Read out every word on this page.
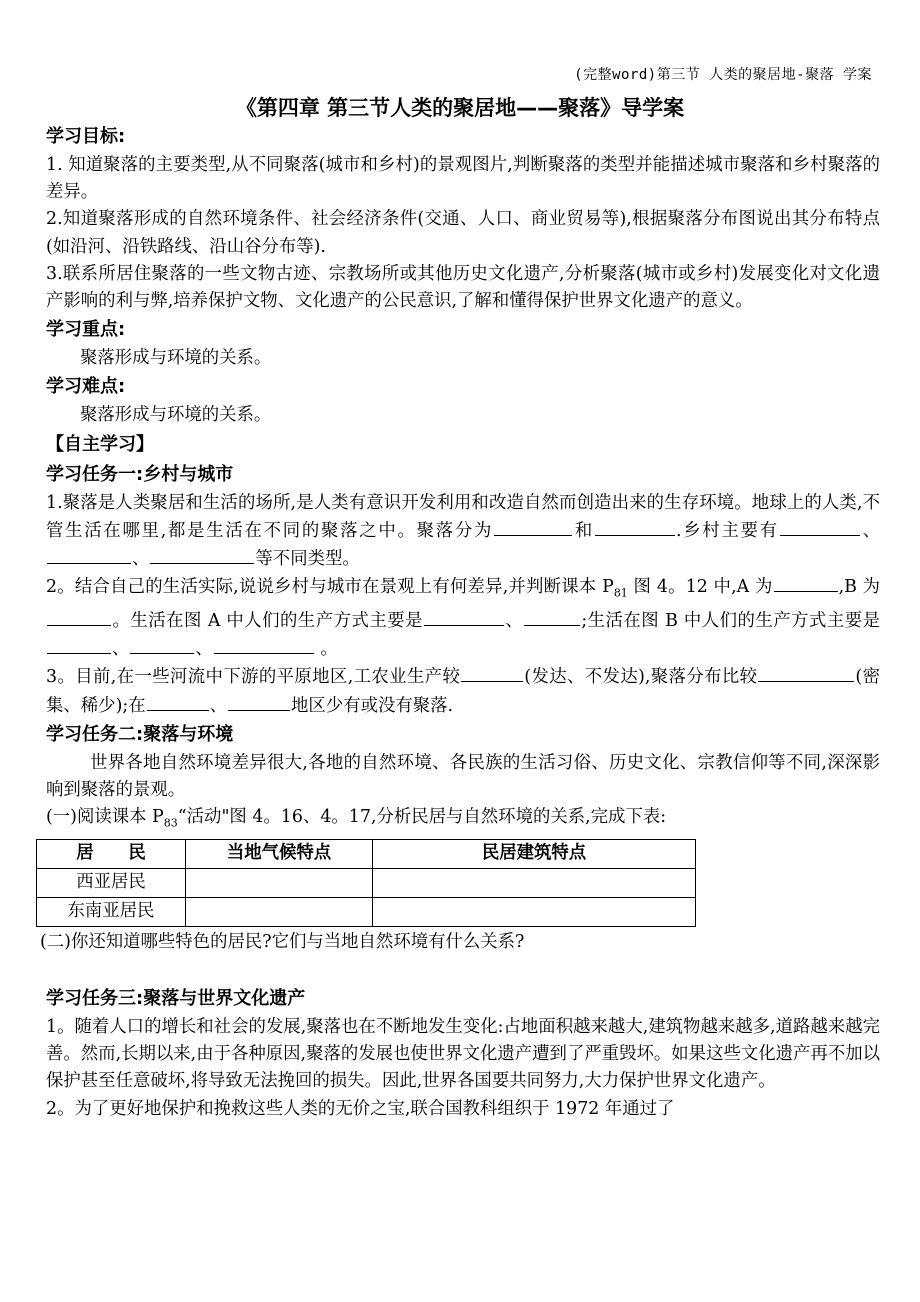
(完整word)第三节 人类的聚居地-聚落 学案
《第四章 第三节人类的聚居地——聚落》导学案
学习目标:

1. 知道聚落的主要类型,从不同聚落(城市和乡村)的景观图片,判断聚落的类型并能描述城市聚落和乡村聚落的差异。

2.知道聚落形成的自然环境条件、社会经济条件(交通、人口、商业贸易等),根据聚落分布图说出其分布特点(如沿河、沿铁路线、沿山谷分布等).

3.联系所居住聚落的一些文物古迹、宗教场所或其他历史文化遗产,分析聚落(城市或乡村)发展变化对文化遗产影响的利与弊,培养保护文物、文化遗产的公民意识,了解和懂得保护世界文化遗产的意义。

学习重点:

聚落形成与环境的关系。

学习难点:

聚落形成与环境的关系。

【自主学习】
学习任务一:乡村与城市

1.聚落是人类聚居和生活的场所,是人类有意识开发利用和改造自然而创造出来的生存环境。地球上的人类,不管生活在哪里,都是生活在不同的聚落之中。聚落分为	和	.乡村主要有	、、	等不同类型。

2。结合自己的生活实际,说说乡村与城市在景观上有何差异,并判断课本 $P_{81}$ 图 4。12 中,A 为	,B 为。生活在图 A 中人们的生产方式主要是	、	;生活在图 B 中人们的生产方式主要是、	、	。

3。目前,在一些河流中下游的平原地区,工农业生产较	(发达、不发达),聚落分布比较	(密集、稀少);在	、	地区少有或没有聚落.

学习任务二:聚落与环境

世界各地自然环境差异很大,各地的自然环境、各民族的生活习俗、历史文化、宗教信仰等不同,深深影响到聚落的景观。

(一)阅读课本 $P_{83}“$活动"图 4。16、4。17,分析民居与自然环境的关系,完成下表:

居　　民	当地气候特点	民居建筑特点
西亚居民		
东南亚居民		

(二)你还知道哪些特色的居民?它们与当地自然环境有什么关系?

学习任务三:聚落与世界文化遗产

1。随着人口的增长和社会的发展,聚落也在不断地发生变化:占地面积越来越大,建筑物越来越多,道路越来越完善。然而,长期以来,由于各种原因,聚落的发展也使世界文化遗产遭到了严重毁坏。如果这些文化遗产再不加以保护甚至任意破坏,将导致无法挽回的损失。因此,世界各国要共同努力,大力保护世界文化遗产。

2。为了更好地保护和挽救这些人类的无价之宝,联合国教科组织于 1972 年通过了
